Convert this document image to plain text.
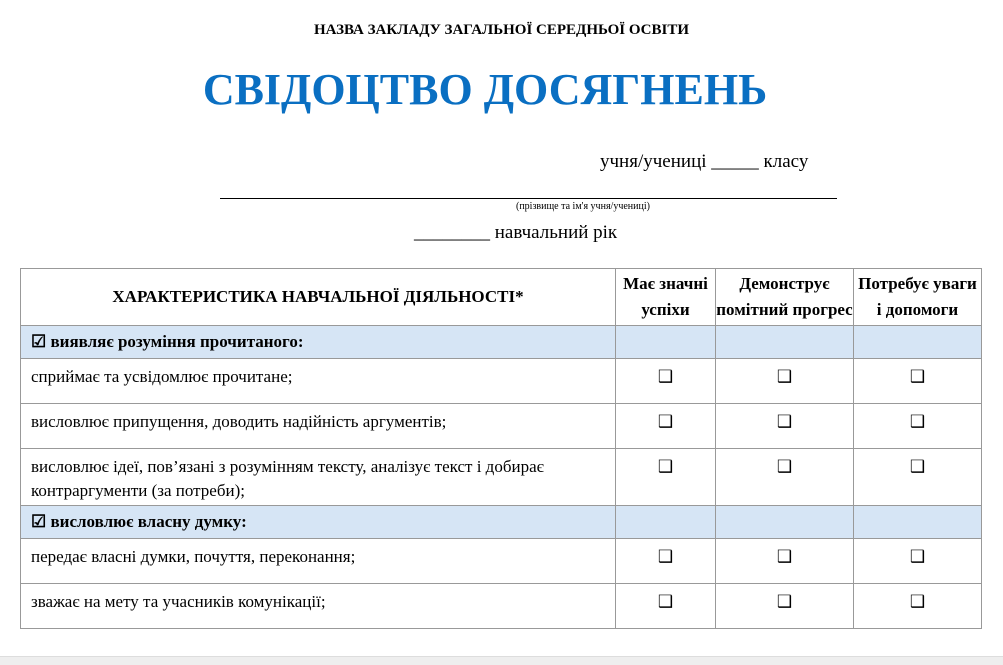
НАЗВА ЗАКЛАДУ ЗАГАЛЬНОЇ СЕРЕДНЬОЇ ОСВІТИ
СВІДОЦТВО ДОСЯГНЕНЬ
учня/учениці _____ класу
(прізвище та ім'я учня/учениці)
________ навчальний рік
ХАРАКТЕРИСТИКА НАВЧАЛЬНОЇ ДІЯЛЬНОСТІ*	Має значні успіхи	Демонструє помітний прогрес	Потребує уваги і допомоги
☑ виявляє розуміння прочитаного:			
сприймає та усвідомлює прочитане;	❑	❑	❑
висловлює припущення, доводить надійність аргументів;	❑	❑	❑
висловлює ідеї, пов’язані з розумінням тексту, аналізує текст і добирає контраргументи (за потреби);	❑	❑	❑
☑ висловлює власну думку:			
передає власні думки, почуття, переконання;	❑	❑	❑
зважає на мету та учасників комунікації;	❑	❑	❑
